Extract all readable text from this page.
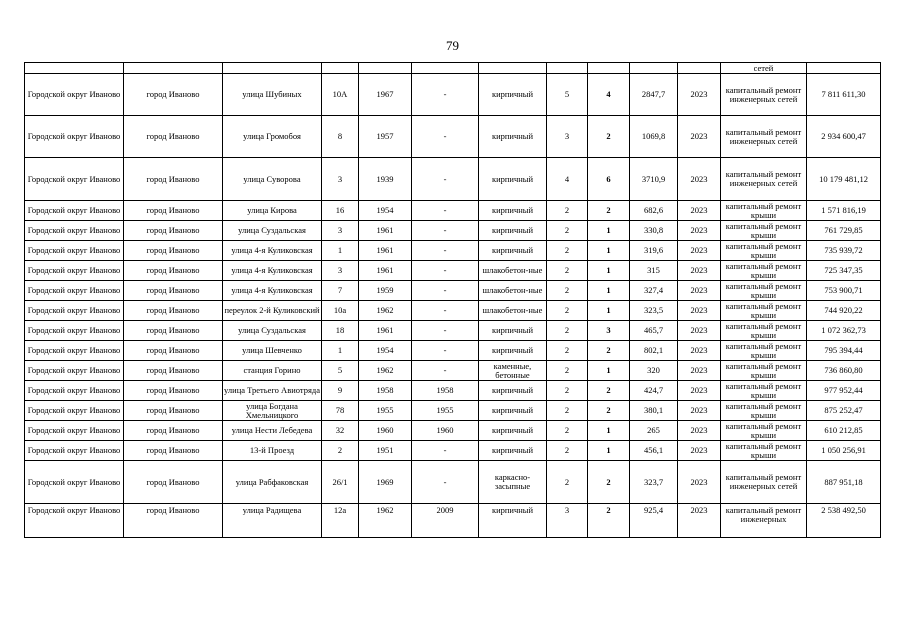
79
											сетей	
Городской округ Иваново	город Иваново	улица Шубиных	10А	1967	-	кирпичный	5	4	2847,7	2023	капитальный ремонт инженерных сетей	7 811 611,30
Городской округ Иваново	город Иваново	улица Громобоя	8	1957	-	кирпичный	3	2	1069,8	2023	капитальный ремонт инженерных сетей	2 934 600,47
Городской округ Иваново	город Иваново	улица Суворова	3	1939	-	кирпичный	4	6	3710,9	2023	капитальный ремонт инженерных сетей	10 179 481,12
Городской округ Иваново	город Иваново	улица Кирова	16	1954	-	кирпичный	2	2	682,6	2023	капитальный ремонт крыши	1 571 816,19
Городской округ Иваново	город Иваново	улица Суздальская	3	1961	-	кирпичный	2	1	330,8	2023	капитальный ремонт крыши	761 729,85
Городской округ Иваново	город Иваново	улица 4-я Куликовская	1	1961	-	кирпичный	2	1	319,6	2023	капитальный ремонт крыши	735 939,72
Городской округ Иваново	город Иваново	улица 4-я Куликовская	3	1961	-	шлакобетон-ные	2	1	315	2023	капитальный ремонт крыши	725 347,35
Городской округ Иваново	город Иваново	улица 4-я Куликовская	7	1959	-	шлакобетон-ные	2	1	327,4	2023	капитальный ремонт крыши	753 900,71
Городской округ Иваново	город Иваново	переулок 2-й Куликовский	10а	1962	-	шлакобетон-ные	2	1	323,5	2023	капитальный ремонт крыши	744 920,22
Городской округ Иваново	город Иваново	улица Суздальская	18	1961	-	кирпичный	2	3	465,7	2023	капитальный ремонт крыши	1 072 362,73
Городской округ Иваново	город Иваново	улица Шевченко	1	1954	-	кирпичный	2	2	802,1	2023	капитальный ремонт крыши	795 394,44
Городской округ Иваново	город Иваново	станция Горино	5	1962	-	каменные, бетонные	2	1	320	2023	капитальный ремонт крыши	736 860,80
Городской округ Иваново	город Иваново	улица Третьего Авиотряда	9	1958	1958	кирпичный	2	2	424,7	2023	капитальный ремонт крыши	977 952,44
Городской округ Иваново	город Иваново	улица Богдана Хмельницкого	78	1955	1955	кирпичный	2	2	380,1	2023	капитальный ремонт крыши	875 252,47
Городской округ Иваново	город Иваново	улица Нести Лебедева	32	1960	1960	кирпичный	2	1	265	2023	капитальный ремонт крыши	610 212,85
Городской округ Иваново	город Иваново	13-й Проезд	2	1951	-	кирпичный	2	1	456,1	2023	капитальный ремонт крыши	1 050 256,91
Городской округ Иваново	город Иваново	улица Рабфаковская	26/1	1969	-	каркасно-засыпные	2	2	323,7	2023	капитальный ремонт инженерных сетей	887 951,18
Городской округ Иваново	город Иваново	улица Радищева	12а	1962	2009	кирпичный	3	2	925,4	2023	капитальный ремонт инженерных	2 538 492,50
